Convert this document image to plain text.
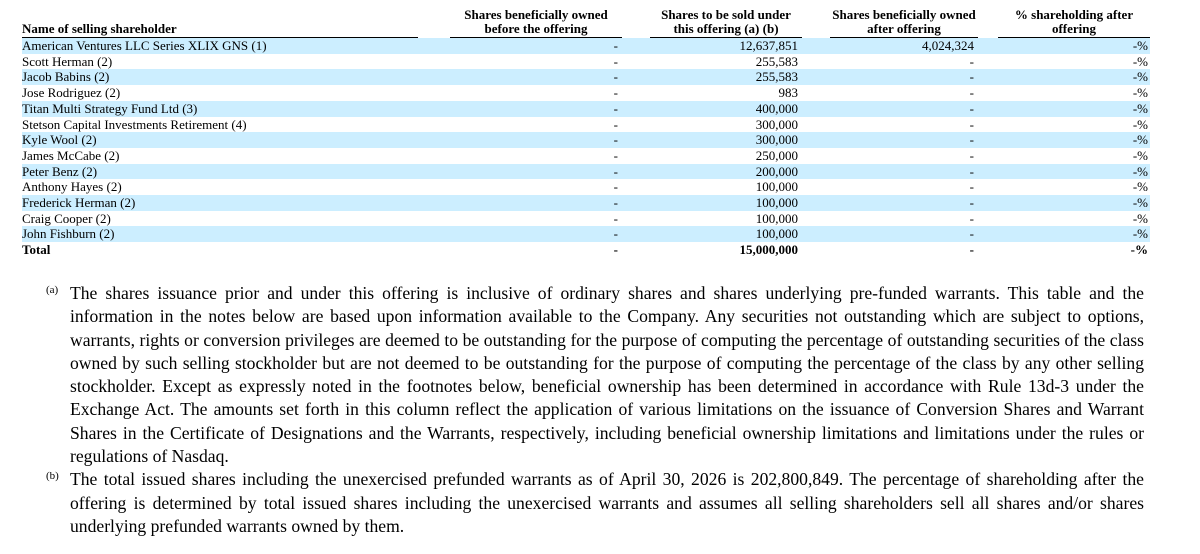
Name of selling shareholder	Shares beneficially owned before the offering	Shares to be sold under this offering (a) (b)	Shares beneficially owned after offering	% shareholding after offering

American Ventures LLC Series XLIX GNS (1)	-	12,637,851	4,024,324	-%
Scott Herman (2)	-	255,583	-	-%
Jacob Babins (2)	-	255,583	-	-%
Jose Rodriguez (2)	-	983	-	-%
Titan Multi Strategy Fund Ltd (3)	-	400,000	-	-%
Stetson Capital Investments Retirement (4)	-	300,000	-	-%
Kyle Wool (2)	-	300,000	-	-%
James McCabe (2)	-	250,000	-	-%
Peter Benz (2)	-	200,000	-	-%
Anthony Hayes (2)	-	100,000	-	-%
Frederick Herman (2)	-	100,000	-	-%
Craig Cooper (2)	-	100,000	-	-%
John Fishburn (2)	-	100,000	-	-%
Total	-	15,000,000	-	-%
(a) The shares issuance prior and under this offering is inclusive of ordinary shares and shares underlying pre-funded warrants. This table and the information in the notes below are based upon information available to the Company. Any securities not outstanding which are subject to options, warrants, rights or conversion privileges are deemed to be outstanding for the purpose of computing the percentage of outstanding securities of the class owned by such selling stockholder but are not deemed to be outstanding for the purpose of computing the percentage of the class by any other selling stockholder. Except as expressly noted in the footnotes below, beneficial ownership has been determined in accordance with Rule 13d-3 under the Exchange Act. The amounts set forth in this column reflect the application of various limitations on the issuance of Conversion Shares and Warrant Shares in the Certificate of Designations and the Warrants, respectively, including beneficial ownership limitations and limitations under the rules or regulations of Nasdaq.
(b) The total issued shares including the unexercised prefunded warrants as of April 30, 2026 is 202,800,849. The percentage of shareholding after the offering is determined by total issued shares including the unexercised warrants and assumes all selling shareholders sell all shares and/or shares underlying prefunded warrants owned by them.
